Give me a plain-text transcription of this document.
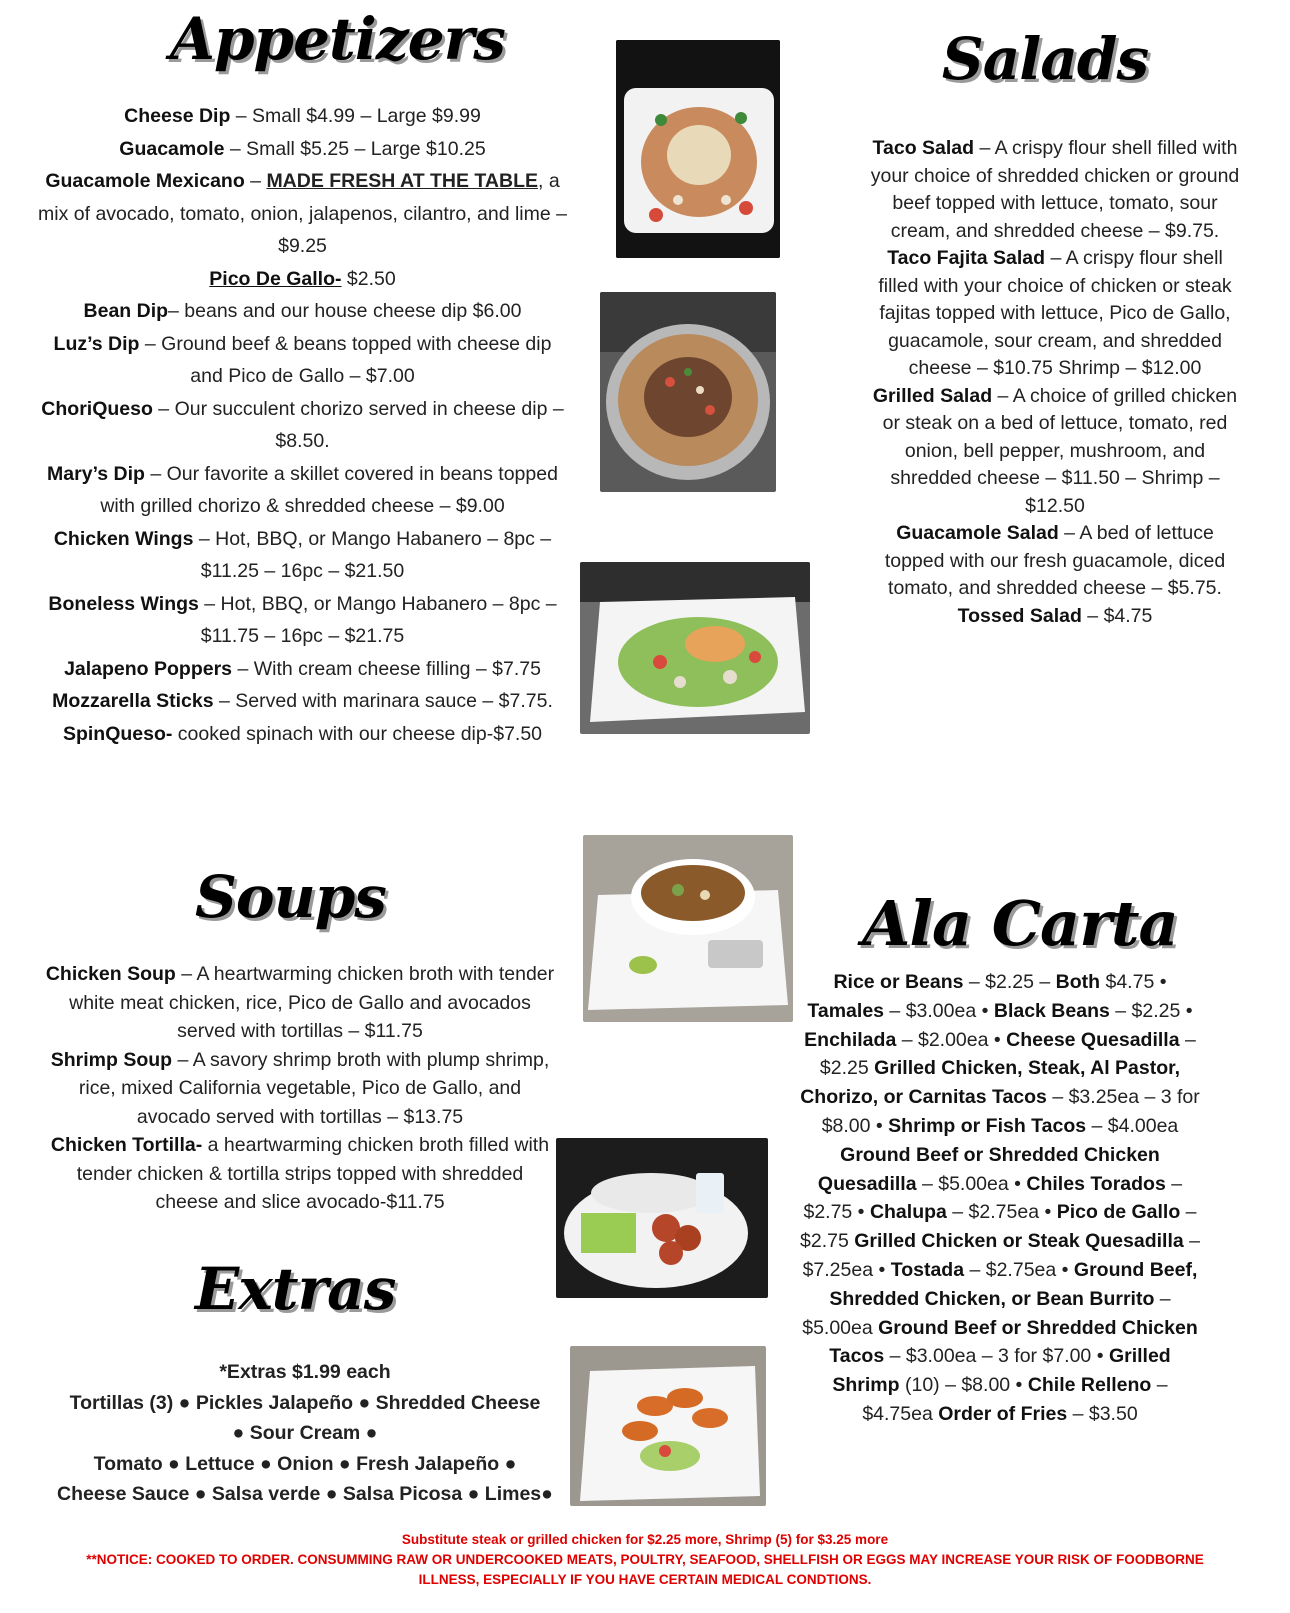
Appetizers	Salads
Soups
Extras
Ala Carta

Cheese Dip – Small $4.99 – Large $9.99

Guacamole – Small $5.25 – Large $10.25

Guacamole Mexicano – MADE FRESH AT THE TABLE, a mix of avocado, tomato, onion, jalapenos, cilantro, and lime – $9.25

Pico De Gallo- $2.50

Bean Dip– beans and our house cheese dip $6.00

Luz’s Dip – Ground beef & beans topped with cheese dip and Pico de Gallo – $7.00

ChoriQueso – Our succulent chorizo served in cheese dip – $8.50.

Mary’s Dip – Our favorite a skillet covered in beans topped with grilled chorizo & shredded cheese – $9.00

Chicken Wings – Hot, BBQ, or Mango Habanero – 8pc – $11.25 – 16pc – $21.50

Boneless Wings – Hot, BBQ, or Mango Habanero – 8pc – $11.75 – 16pc – $21.75

Jalapeno Poppers – With cream cheese filling – $7.75

Mozzarella Sticks – Served with marinara sauce – $7.75.

SpinQueso- cooked spinach with our cheese dip-$7.50

Taco Salad – A crispy flour shell filled with your choice of shredded chicken or ground beef topped with lettuce, tomato, sour cream, and shredded cheese – $9.75.

Taco Fajita Salad – A crispy flour shell filled with your choice of chicken or steak fajitas topped with lettuce, Pico de Gallo, guacamole, sour cream, and shredded cheese – $10.75 Shrimp – $12.00

Grilled Salad – A choice of grilled chicken or steak on a bed of lettuce, tomato, red onion, bell pepper, mushroom, and shredded cheese – $11.50 – Shrimp – $12.50

Guacamole Salad – A bed of lettuce topped with our fresh guacamole, diced tomato, and shredded cheese – $5.75.

Tossed Salad – $4.75

Chicken Soup – A heartwarming chicken broth with tender white meat chicken, rice, Pico de Gallo and avocados served with tortillas – $11.75

Shrimp Soup – A savory shrimp broth with plump shrimp, rice, mixed California vegetable, Pico de Gallo, and avocado served with tortillas – $13.75

Chicken Tortilla- a heartwarming chicken broth filled with tender chicken & tortilla strips topped with shredded cheese and slice avocado-$11.75

*Extras $1.99 each

Tortillas (3) ● Pickles Jalapeño ● Shredded Cheese

● Sour Cream ●

Tomato ● Lettuce ● Onion ● Fresh Jalapeño ●

Cheese Sauce ● Salsa verde ● Salsa Picosa ● Limes●

Rice or Beans – $2.25 – Both $4.75 • Tamales – $3.00ea • Black Beans – $2.25 • Enchilada – $2.00ea • Cheese Quesadilla – $2.25 Grilled Chicken, Steak, Al Pastor, Chorizo, or Carnitas Tacos – $3.25ea – 3 for $8.00 • Shrimp or Fish Tacos – $4.00ea Ground Beef or Shredded Chicken Quesadilla – $5.00ea • Chiles Torados – $2.75 • Chalupa – $2.75ea • Pico de Gallo – $2.75 Grilled Chicken or Steak Quesadilla – $7.25ea • Tostada – $2.75ea • Ground Beef, Shredded Chicken, or Bean Burrito – $5.00ea Ground Beef or Shredded Chicken Tacos – $3.00ea – 3 for $7.00 • Grilled Shrimp (10) – $8.00 • Chile Relleno – $4.75ea Order of Fries – $3.50

Substitute steak or grilled chicken for $2.25 more, Shrimp (5) for $3.25 more
**NOTICE: COOKED TO ORDER. CONSUMMING RAW OR UNDERCOOKED MEATS, POULTRY, SEAFOOD, SHELLFISH OR EGGS MAY INCREASE YOUR RISK OF FOODBORNE
ILLNESS, ESPECIALLY IF YOU HAVE CERTAIN MEDICAL CONDTIONS.
